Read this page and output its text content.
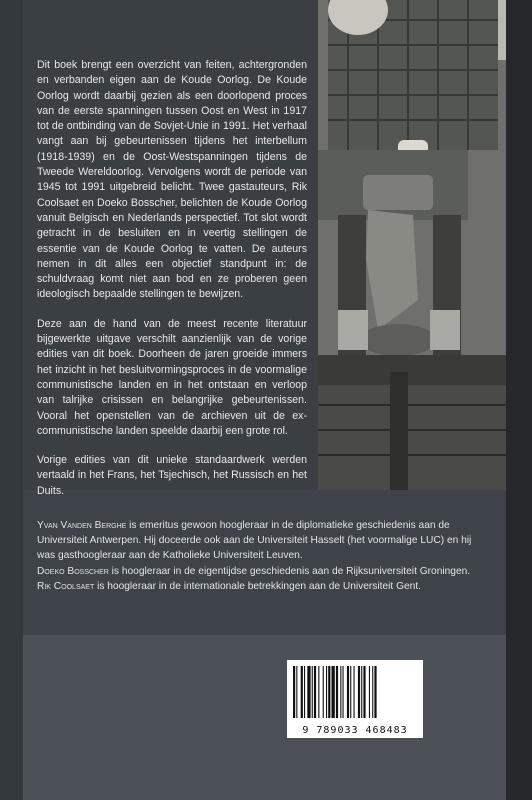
Dit boek brengt een overzicht van feiten, achtergronden en verbanden eigen aan de Koude Oorlog. De Koude Oorlog wordt daarbij gezien als een doorlopend proces van de eerste spanningen tussen Oost en West in 1917 tot de ontbinding van de Sovjet-Unie in 1991. Het verhaal vangt aan bij gebeurtenissen tijdens het interbellum (1918-1939) en de Oost-Westspanningen tijdens de Tweede Wereldoorlog. Vervolgens wordt de periode van 1945 tot 1991 uitgebreid belicht. Twee gastauteurs, Rik Coolsaet en Doeko Bosscher, belichten de Koude Oorlog vanuit Belgisch en Nederlands perspectief. Tot slot wordt getracht in de besluiten en in veertig stellingen de essentie van de Koude Oorlog te vatten. De auteurs nemen in dit alles een objectief standpunt in: de schuldvraag komt niet aan bod en ze proberen geen ideologisch bepaalde stellingen te bewijzen.

Deze aan de hand van de meest recente literatuur bijgewerkte uitgave verschilt aanzienlijk van de vorige edities van dit boek. Doorheen de jaren groeide immers het inzicht in het besluitvormingsproces in de voormalige communistische landen en in het ontstaan en verloop van talrijke crisissen en belangrijke gebeurtenissen. Vooral het openstellen van de archieven uit de ex-communistische landen speelde daarbij een grote rol.

Vorige edities van dit unieke standaardwerk werden vertaald in het Frans, het Tsjechisch, het Russisch en het Duits.

Yvan Vanden Berghe is emeritus gewoon hoogleraar in de diplomatieke geschiedenis aan de Universiteit Antwerpen. Hij doceerde ook aan de Universiteit Hasselt (het voormalige LUC) en hij was gasthoogleraar aan de Katholieke Universiteit Leuven.

Doeko Bosscher is hoogleraar in de eigentijdse geschiedenis aan de Rijksuniversiteit Groningen.

Rik Coolsaet is hoogleraar in de internationale betrekkingen aan de Universiteit Gent.

9 789033 468483
